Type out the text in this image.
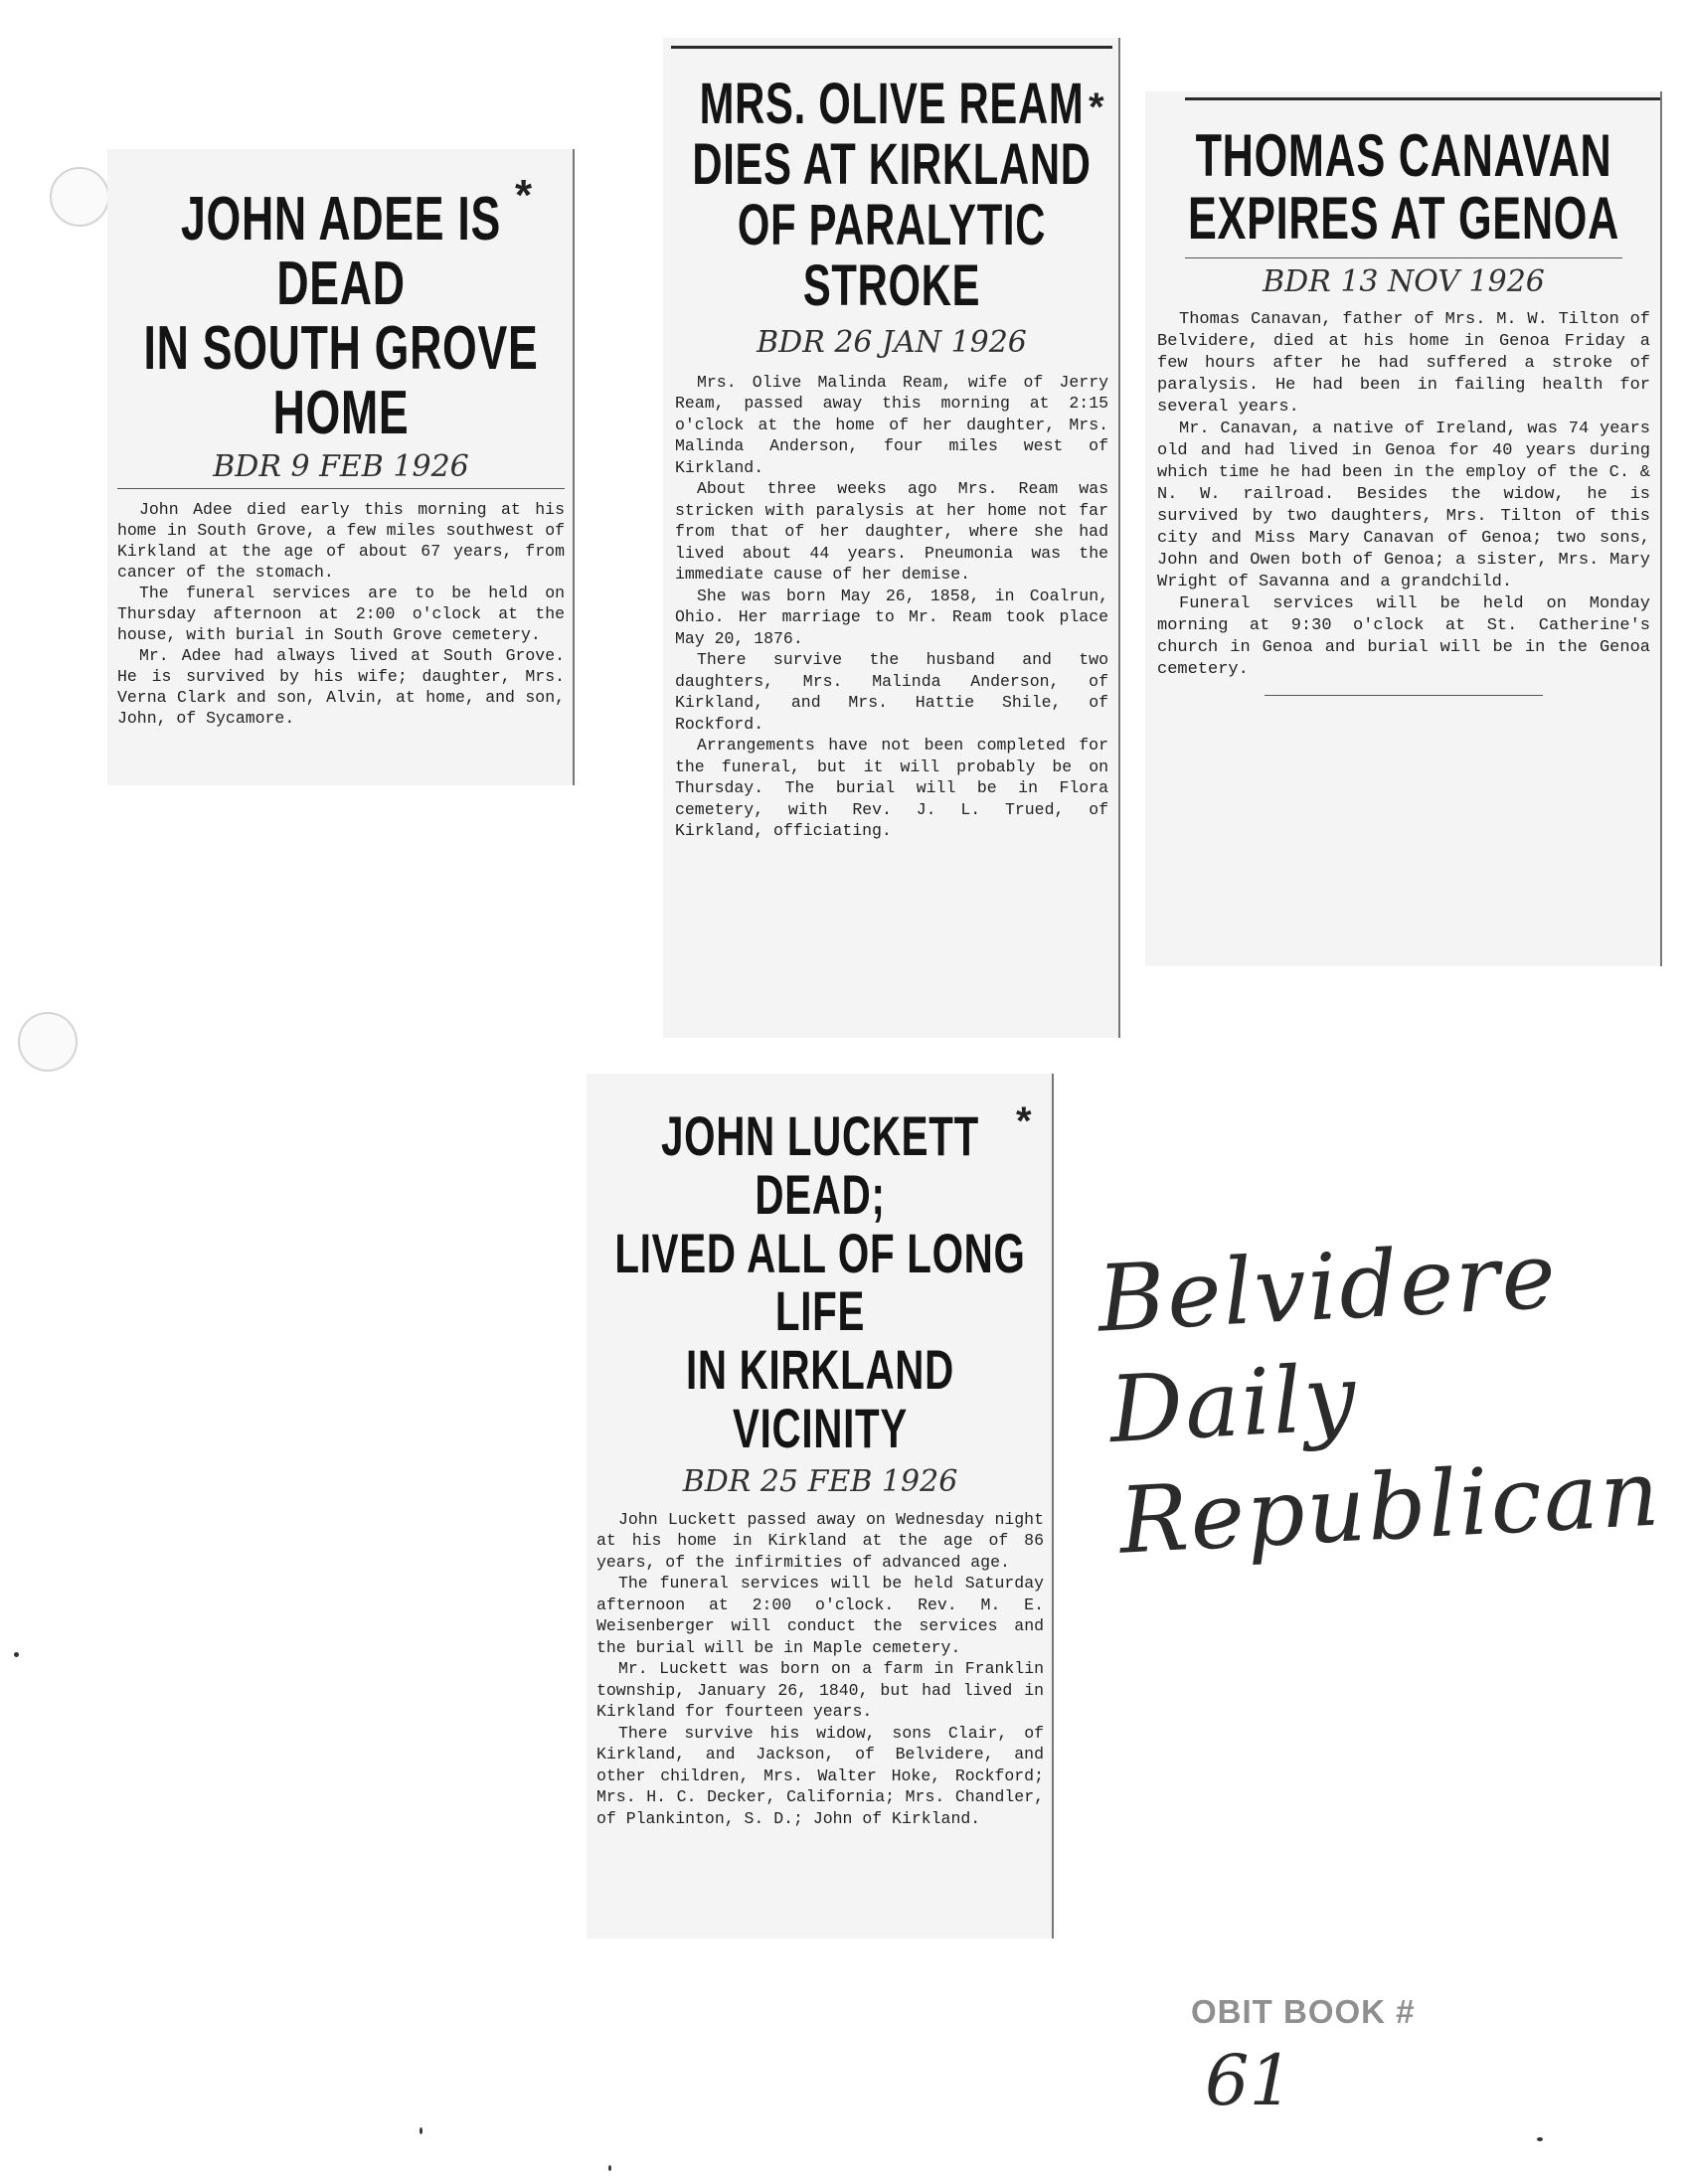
JOHN ADEE IS DEAD
IN SOUTH GROVE HOME
*
BDR 9 FEB 1926

John Adee died early this morning at his home in South Grove, a few miles southwest of Kirkland at the age of about 67 years, from cancer of the stomach.

The funeral services are to be held on Thursday afternoon at 2:00 o'clock at the house, with burial in South Grove cemetery.

Mr. Adee had always lived at South Grove. He is survived by his wife; daughter, Mrs. Verna Clark and son, Alvin, at home, and son, John, of Sycamore.

MRS. OLIVE REAM
DIES AT KIRKLAND
OF PARALYTIC STROKE
*
BDR 26 JAN 1926

Mrs. Olive Malinda Ream, wife of Jerry Ream, passed away this morning at 2:15 o'clock at the home of her daughter, Mrs. Malinda Anderson, four miles west of Kirkland.

About three weeks ago Mrs. Ream was stricken with paralysis at her home not far from that of her daughter, where she had lived about 44 years. Pneumonia was the immediate cause of her demise.

She was born May 26, 1858, in Coalrun, Ohio. Her marriage to Mr. Ream took place May 20, 1876.

There survive the husband and two daughters, Mrs. Malinda Anderson, of Kirkland, and Mrs. Hattie Shile, of Rockford.

Arrangements have not been completed for the funeral, but it will probably be on Thursday. The burial will be in Flora cemetery, with Rev. J. L. Trued, of Kirkland, officiating.

THOMAS CANAVAN
EXPIRES AT GENOA
BDR 13 NOV 1926

Thomas Canavan, father of Mrs. M. W. Tilton of Belvidere, died at his home in Genoa Friday a few hours after he had suffered a stroke of paralysis. He had been in failing health for several years.

Mr. Canavan, a native of Ireland, was 74 years old and had lived in Genoa for 40 years during which time he had been in the employ of the C. & N. W. railroad. Besides the widow, he is survived by two daughters, Mrs. Tilton of this city and Miss Mary Canavan of Genoa; two sons, John and Owen both of Genoa; a sister, Mrs. Mary Wright of Savanna and a grandchild.

Funeral services will be held on Monday morning at 9:30 o'clock at St. Catherine's church in Genoa and burial will be in the Genoa cemetery.

JOHN LUCKETT DEAD;
LIVED ALL OF LONG LIFE
IN KIRKLAND VICINITY
*
BDR 25 FEB 1926

John Luckett passed away on Wednesday night at his home in Kirkland at the age of 86 years, of the infirmities of advanced age.

The funeral services will be held Saturday afternoon at 2:00 o'clock. Rev. M. E. Weisenberger will conduct the services and the burial will be in Maple cemetery.

Mr. Luckett was born on a farm in Franklin township, January 26, 1840, but had lived in Kirkland for fourteen years.

There survive his widow, sons Clair, of Kirkland, and Jackson, of Belvidere, and other children, Mrs. Walter Hoke, Rockford; Mrs. H. C. Decker, California; Mrs. Chandler, of Plankinton, S. D.; John of Kirkland.

Belvidere
Daily
Republican
OBIT BOOK #
61
